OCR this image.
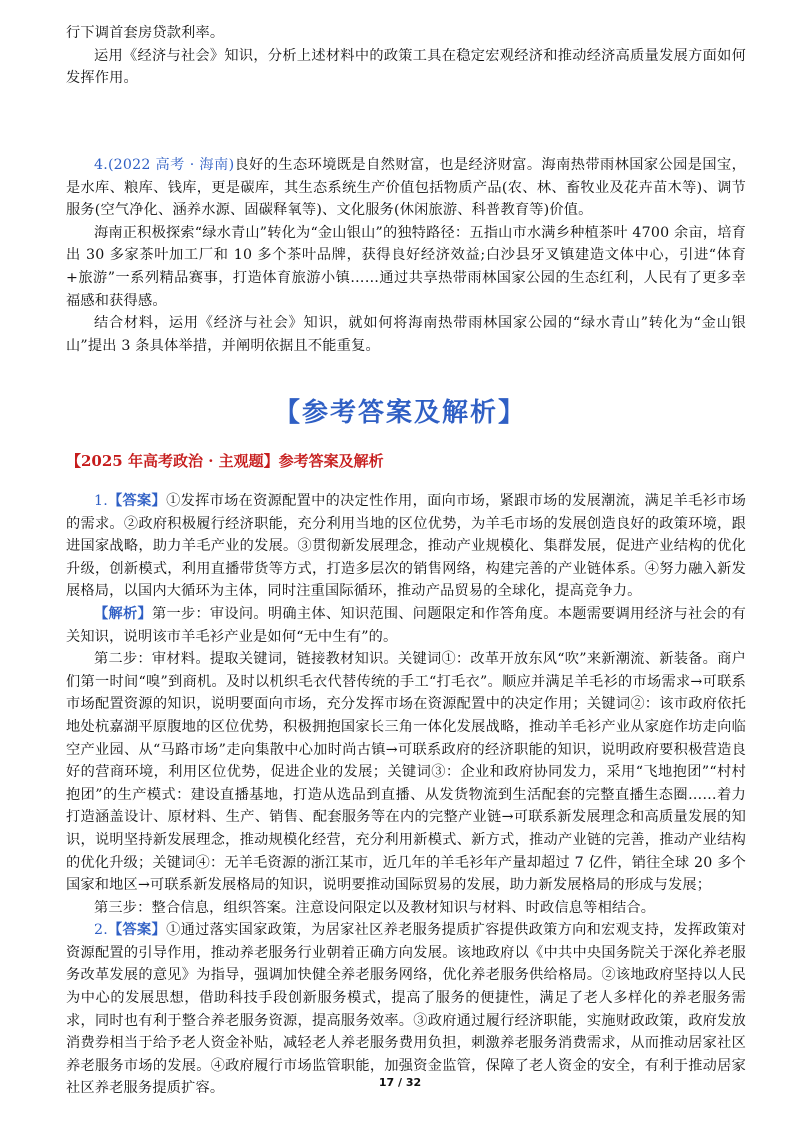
行下调首套房贷款利率。

运用《经济与社会》知识，分析上述材料中的政策工具在稳定宏观经济和推动经济高质量发展方面如何发挥作用。

4.(2022 高考 · 海南)良好的生态环境既是自然财富，也是经济财富。海南热带雨林国家公园是国宝，是水库、粮库、钱库，更是碳库，其生态系统生产价值包括物质产品(农、林、畜牧业及花卉苗木等)、调节服务(空气净化、涵养水源、固碳释氧等)、文化服务(休闲旅游、科普教育等)价值。

海南正积极探索“绿水青山”转化为“金山银山”的独特路径：五指山市水满乡种植茶叶 4700 余亩，培育出 30 多家茶叶加工厂和 10 多个茶叶品牌，获得良好经济效益;白沙县牙叉镇建造文体中心，引进“体育+旅游”一系列精品赛事，打造体育旅游小镇……通过共享热带雨林国家公园的生态红利，人民有了更多幸福感和获得感。

结合材料，运用《经济与社会》知识，就如何将海南热带雨林国家公园的“绿水青山”转化为“金山银山”提出 3 条具体举措，并阐明依据且不能重复。

【参考答案及解析】
【2025 年高考政治 · 主观题】参考答案及解析

1.【答案】①发挥市场在资源配置中的决定性作用，面向市场，紧跟市场的发展潮流，满足羊毛衫市场的需求。②政府积极履行经济职能，充分利用当地的区位优势，为羊毛市场的发展创造良好的政策环境，跟进国家战略，助力羊毛产业的发展。③贯彻新发展理念，推动产业规模化、集群发展，促进产业结构的优化升级，创新模式，利用直播带货等方式，打造多层次的销售网络，构建完善的产业链体系。④努力融入新发展格局，以国内大循环为主体，同时注重国际循环，推动产品贸易的全球化，提高竞争力。

【解析】第一步：审设问。明确主体、知识范围、问题限定和作答角度。本题需要调用经济与社会的有关知识，说明该市羊毛衫产业是如何“无中生有”的。

第二步：审材料。提取关键词，链接教材知识。关键词①：改革开放东风“吹”来新潮流、新装备。商户们第一时间“嗅”到商机。及时以机织毛衣代替传统的手工“打毛衣”。顺应并满足羊毛衫的市场需求→可联系市场配置资源的知识，说明要面向市场，充分发挥市场在资源配置中的决定作用；关键词②：该市政府依托地处杭嘉湖平原腹地的区位优势，积极拥抱国家长三角一体化发展战略，推动羊毛衫产业从家庭作坊走向临空产业园、从“马路市场”走向集散中心加时尚古镇→可联系政府的经济职能的知识，说明政府要积极营造良好的营商环境，利用区位优势，促进企业的发展；关键词③：企业和政府协同发力，采用“飞地抱团”“村村抱团”的生产模式：建设直播基地，打造从选品到直播、从发货物流到生活配套的完整直播生态圈……着力打造涵盖设计、原材料、生产、销售、配套服务等在内的完整产业链→可联系新发展理念和高质量发展的知识，说明坚持新发展理念，推动规模化经营，充分利用新模式、新方式，推动产业链的完善，推动产业结构的优化升级；关键词④：无羊毛资源的浙江某市，近几年的羊毛衫年产量却超过 7 亿件，销往全球 20 多个国家和地区→可联系新发展格局的知识，说明要推动国际贸易的发展，助力新发展格局的形成与发展；

第三步：整合信息，组织答案。注意设问限定以及教材知识与材料、时政信息等相结合。

2.【答案】①通过落实国家政策，为居家社区养老服务提质扩容提供政策方向和宏观支持，发挥政策对资源配置的引导作用，推动养老服务行业朝着正确方向发展。该地政府以《中共中央国务院关于深化养老服务改革发展的意见》为指导，强调加快健全养老服务网络，优化养老服务供给格局。②该地政府坚持以人民为中心的发展思想，借助科技手段创新服务模式，提高了服务的便捷性，满足了老人多样化的养老服务需求，同时也有利于整合养老服务资源，提高服务效率。③政府通过履行经济职能，实施财政政策，政府发放消费券相当于给予老人资金补贴，减轻老人养老服务费用负担，刺激养老服务消费需求，从而推动居家社区养老服务市场的发展。④政府履行市场监管职能，加强资金监管，保障了老人资金的安全，有利于推动居家社区养老服务提质扩容。	17 / 32
